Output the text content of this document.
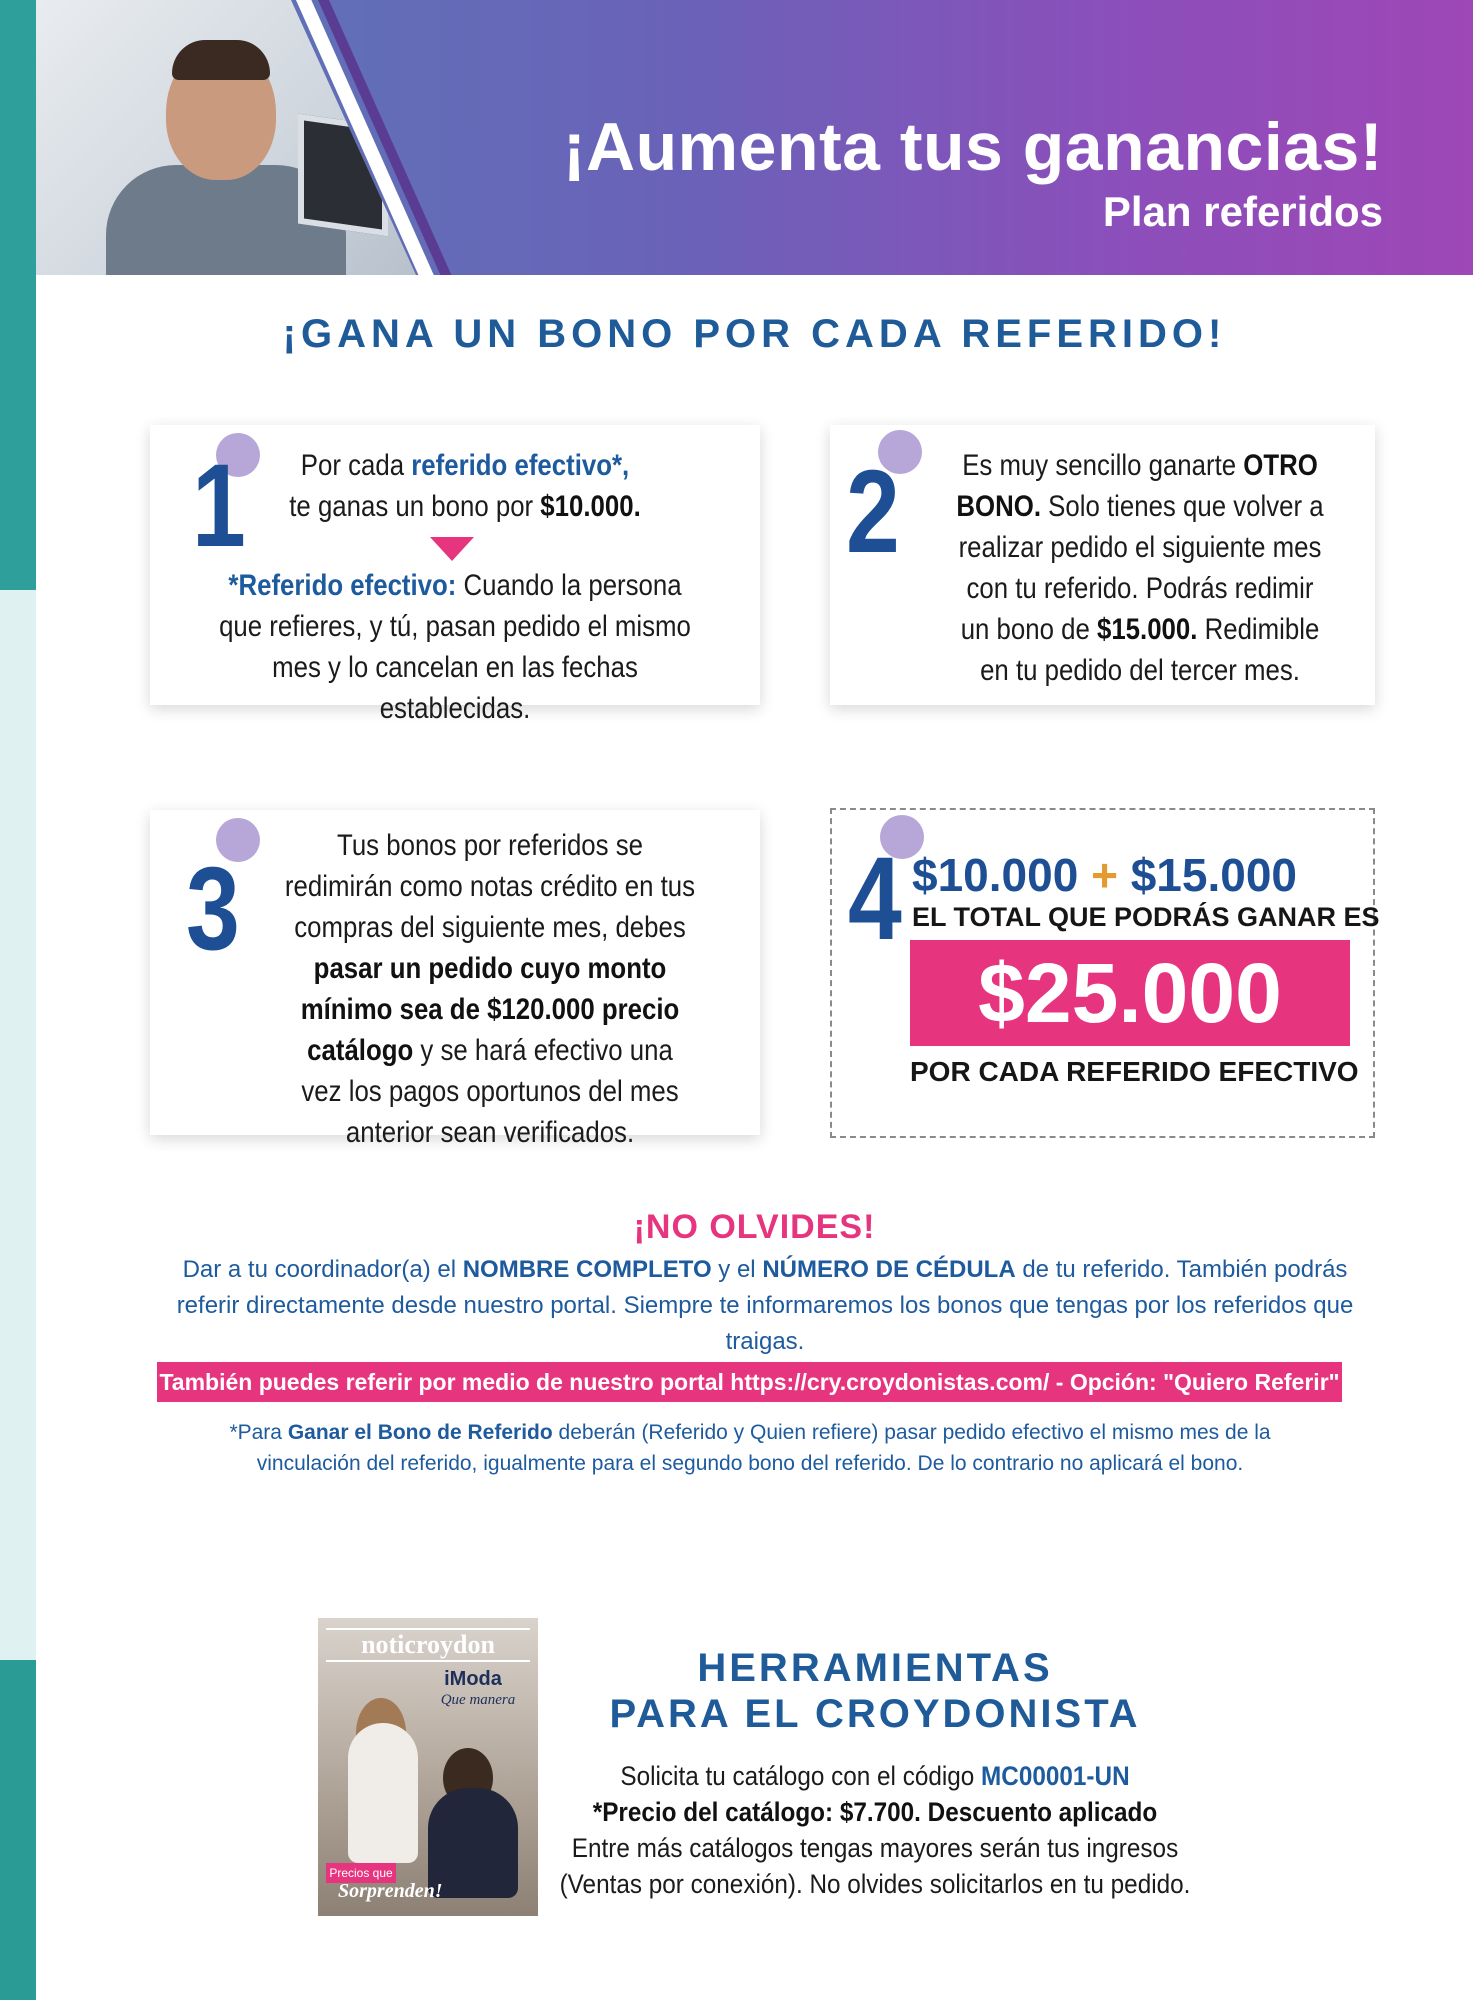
¡Aumenta tus ganancias!
Plan referidos
¡GANA UN BONO POR CADA REFERIDO!
1	Por cada referido efectivo*,
te ganas un bono por $10.000.
*Referido efectivo: Cuando la persona que refieres, y tú, pasan pedido el mismo mes y lo cancelan en las fechas establecidas.
2 Es muy sencillo ganarte OTRO BONO. Solo tienes que volver a realizar pedido el siguiente mes con tu referido. Podrás redimir un bono de $15.000. Redimible en tu pedido del tercer mes.
3	Tus bonos por referidos se redimirán como notas crédito en tus compras del siguiente mes, debes pasar un pedido cuyo monto mínimo sea de $120.000 precio catálogo y se hará efectivo una vez los pagos oportunos del mes anterior sean verificados.
4 $10.000 + $15.000
EL TOTAL QUE PODRÁS GANAR ES
$25.000
POR CADA REFERIDO EFECTIVO
¡NO OLVIDES!
Dar a tu coordinador(a) el NOMBRE COMPLETO y el NÚMERO DE CÉDULA de tu referido. También podrás referir directamente desde nuestro portal. Siempre te informaremos los bonos que tengas por los referidos que traigas.
También puedes referir por medio de nuestro portal https://cry.croydonistas.com/ - Opción: "Quiero Referir"
*Para Ganar el Bono de Referido deberán (Referido y Quien refiere) pasar pedido efectivo el mismo mes de la vinculación del referido, igualmente para el segundo bono del referido. De lo contrario no aplicará el bono.
noticroydon
iModa
Que manera
Precios que
Sorprenden!
HERRAMIENTAS
PARA EL CROYDONISTA
Solicita tu catálogo con el código MC00001-UN
*Precio del catálogo: $7.700. Descuento aplicado
Entre más catálogos tengas mayores serán tus ingresos (Ventas por conexión). No olvides solicitarlos en tu pedido.
